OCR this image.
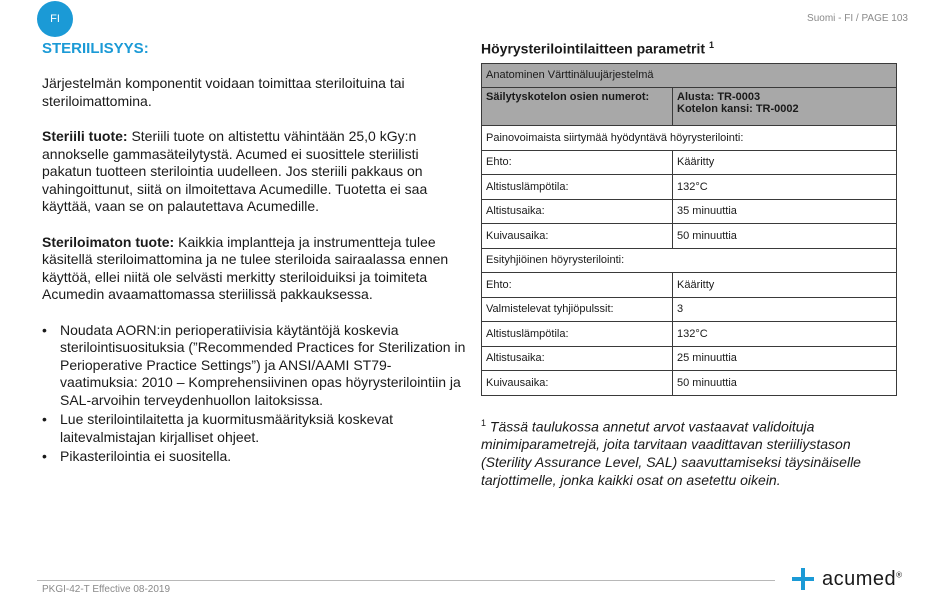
FI	Suomi - FI / PAGE 103
STERIILISYYS:

Järjestelmän komponentit voidaan toimittaa steriloituina tai steriloimattomina.

Steriili tuote: Steriili tuote on altistettu vähintään 25,0 kGy:n annokselle gammasäteilytystä. Acumed ei suosittele steriilisti pakatun tuotteen sterilointia uudelleen. Jos steriili pakkaus on vahingoittunut, siitä on ilmoitettava Acumedille. Tuotetta ei saa käyttää, vaan se on palautettava Acumedille.

Steriloimaton tuote: Kaikkia implantteja ja instrumentteja tulee käsitellä steriloimattomina ja ne tulee steriloida sairaalassa ennen käyttöä, ellei niitä ole selvästi merkitty steriloiduiksi ja toimiteta Acumedin avaamattomassa steriilissä pakkauksessa.

• Noudata AORN:in perioperatiivisia käytäntöjä koskevia sterilointisuosituksia (”Recommended Practices for Sterilization in Perioperative Practice Settings”) ja ANSI/AAMI ST79-vaatimuksia: 2010 – Komprehensiivinen opas höyrysterilointiin ja SAL-arvoihin terveydenhuollon laitoksissa.
• Lue sterilointilaitetta ja kuormitusmäärityksiä koskevat laitevalmistajan kirjalliset ohjeet.
• Pikasterilointia ei suositella.
Höyrysterilointilaitteen parametrit $^1$
Anatominen Värttinäluujärjestelmä	
Säilytyskotelon osien numerot:	Alusta: TR-0003
Kotelon kansi: TR-0002

Painovoimaista siirtymää hyödyntävä höyrysterilointi:	
Ehto:	Kääritty
Altistuslämpötila:	132°C
Altistusaika:	35 minuuttia
Kuivausaika:	50 minuuttia
Esityhjiöinen höyrysterilointi:	
Ehto:	Kääritty
Valmistelevat tyhjiöpulssit:	3
Altistuslämpötila:	132°C
Altistusaika:	25 minuuttia
Kuivausaika:	50 minuuttia
$^1$ Tässä taulukossa annetut arvot vastaavat validoituja minimiparametrejä, joita tarvitaan vaadittavan steriiliystason (Sterility Assurance Level, SAL) saavuttamiseksi täysinäiselle tarjottimelle, jonka kaikki osat on asetettu oikein.
PKGI-42-T Effective 08-2019	acumed®
